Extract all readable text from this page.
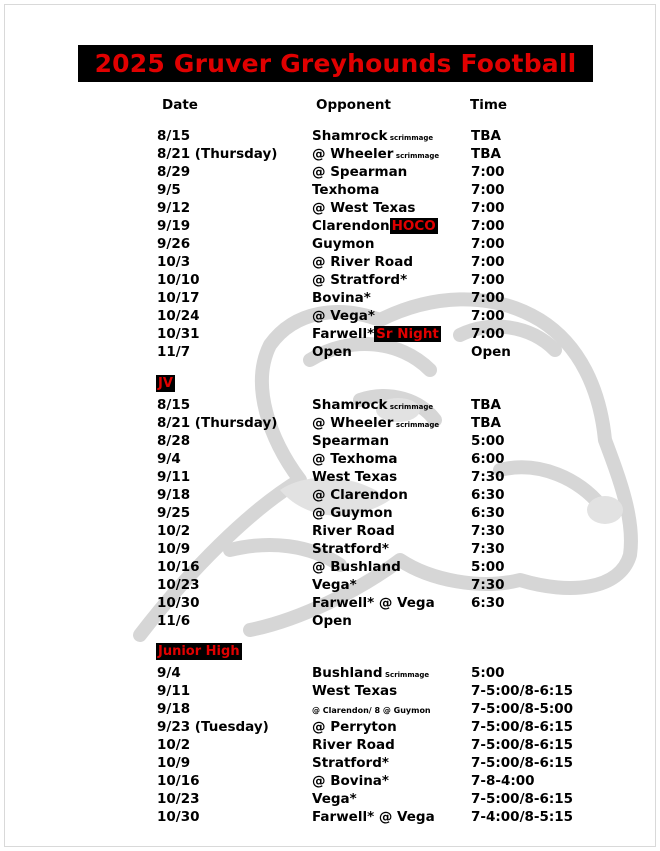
2025 Gruver Greyhounds Football
Date	Opponent	Time
8/15	Shamrock scrimmage	TBA
8/21 (Thursday)	@ Wheeler scrimmage TBA
8/29	@ Spearman	7:00
9/5	Texhoma	7:00
9/12	@ West Texas	7:00
9/19	Clarendon HOCO	7:00
9/26	Guymon	7:00
10/3	@ River Road	7:00
10/10	@ Stratford*	7:00
10/17	Bovina*	7:00
10/24	@ Vega*	7:00
10/31	Farwell* Sr Night 7:00
11/7	Open	Open
JV
8/15	Shamrock scrimmage	TBA
8/21 (Thursday)	@ Wheeler scrimmage TBA
8/28	Spearman	5:00
9/4	@ Texhoma	6:00
9/11	West Texas	7:30
9/18	@ Clarendon	6:30
9/25	@ Guymon	6:30
10/2	River Road	7:30
10/9	Stratford*	7:30
10/16	@ Bushland	5:00
10/23	Vega*	7:30
10/30	Farwell* @ Vega	6:30
11/6	Open
Junior High
9/4	Bushland Scrimmage	5:00
9/11	West Texas	7-5:00/8-6:15
9/18	@ Clarendon/ 8 @ Guymon	7-5:00/8-5:00
9/23 (Tuesday)	@ Perryton	7-5:00/8-6:15
10/2	River Road	7-5:00/8-6:15
10/9	Stratford*	7-5:00/8-6:15
10/16	@ Bovina*	7-8-4:00
10/23	Vega*	7-5:00/8-6:15
10/30	Farwell* @ Vega	7-4:00/8-5:15
